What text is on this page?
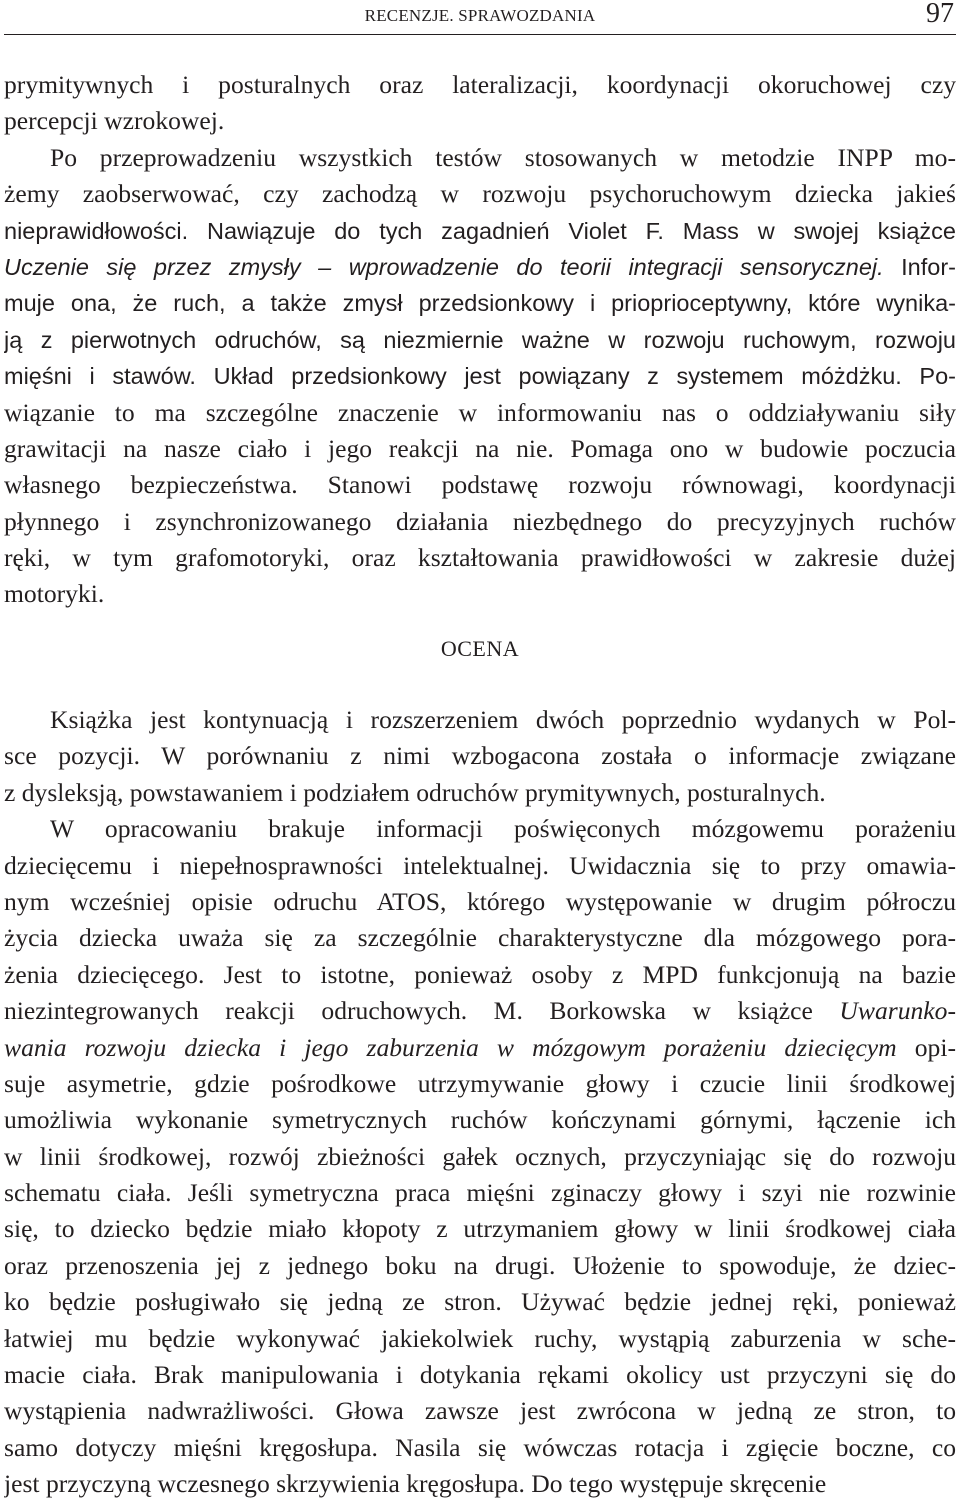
RECENZJE. SPRAWOZDANIA	97
prymitywnych i posturalnych oraz lateralizacji, koordynacji okoruchowej czy
percepcji wzrokowej.
Po przeprowadzeniu wszystkich testów stosowanych w metodzie INPP mo-
żemy zaobserwować, czy zachodzą w rozwoju psychoruchowym dziecka jakieś
nieprawidłowości. Nawiązuje do tych zagadnień Violet F. Mass w swojej książce
Uczenie się przez zmysły – wprowadzenie do teorii integracji sensorycznej. Infor-
muje ona, że ruch, a także zmysł przedsionkowy i prioprioceptywny, które wynika-
ją z pierwotnych odruchów, są niezmiernie ważne w rozwoju ruchowym, rozwoju
mięśni i stawów. Układ przedsionkowy jest powiązany z systemem móżdżku. Po-
wiązanie to ma szczególne znaczenie w informowaniu nas o oddziaływaniu siły
grawitacji na nasze ciało i jego reakcji na nie. Pomaga ono w budowie poczucia
własnego bezpieczeństwa. Stanowi podstawę rozwoju równowagi, koordynacji
płynnego i zsynchronizowanego działania niezbędnego do precyzyjnych ruchów
ręki, w tym grafomotoryki, oraz kształtowania prawidłowości w zakresie dużej
motoryki.
OCENA
Książka jest kontynuacją i rozszerzeniem dwóch poprzednio wydanych w Pol-
sce pozycji. W porównaniu z nimi wzbogacona została o informacje związane
z dysleksją, powstawaniem i podziałem odruchów prymitywnych, posturalnych.
W opracowaniu brakuje informacji poświęconych mózgowemu porażeniu
dziecięcemu i niepełnosprawności intelektualnej. Uwidacznia się to przy omawia-
nym wcześniej opisie odruchu ATOS, którego występowanie w drugim półroczu
życia dziecka uważa się za szczególnie charakterystyczne dla mózgowego pora-
żenia dziecięcego. Jest to istotne, ponieważ osoby z MPD funkcjonują na bazie
niezintegrowanych reakcji odruchowych. M. Borkowska w książce Uwarunko-
wania rozwoju dziecka i jego zaburzenia w mózgowym porażeniu dziecięcym opi-
suje asymetrie, gdzie pośrodkowe utrzymywanie głowy i czucie linii środkowej
umożliwia wykonanie symetrycznych ruchów kończynami górnymi, łączenie ich
w linii środkowej, rozwój zbieżności gałek ocznych, przyczyniając się do rozwoju
schematu ciała. Jeśli symetryczna praca mięśni zginaczy głowy i szyi nie rozwinie
się, to dziecko będzie miało kłopoty z utrzymaniem głowy w linii środkowej ciała
oraz przenoszenia jej z jednego boku na drugi. Ułożenie to spowoduje, że dziec-
ko będzie posługiwało się jedną ze stron. Używać będzie jednej ręki, ponieważ
łatwiej mu będzie wykonywać jakiekolwiek ruchy, wystąpią zaburzenia w sche-
macie ciała. Brak manipulowania i dotykania rękami okolicy ust przyczyni się do
wystąpienia nadwrażliwości. Głowa zawsze jest zwrócona w jedną ze stron, to
samo dotyczy mięśni kręgosłupa. Nasila się wówczas rotacja i zgięcie boczne, co
jest przyczyną wczesnego skrzywienia kręgosłupa. Do tego występuje skręcenie
